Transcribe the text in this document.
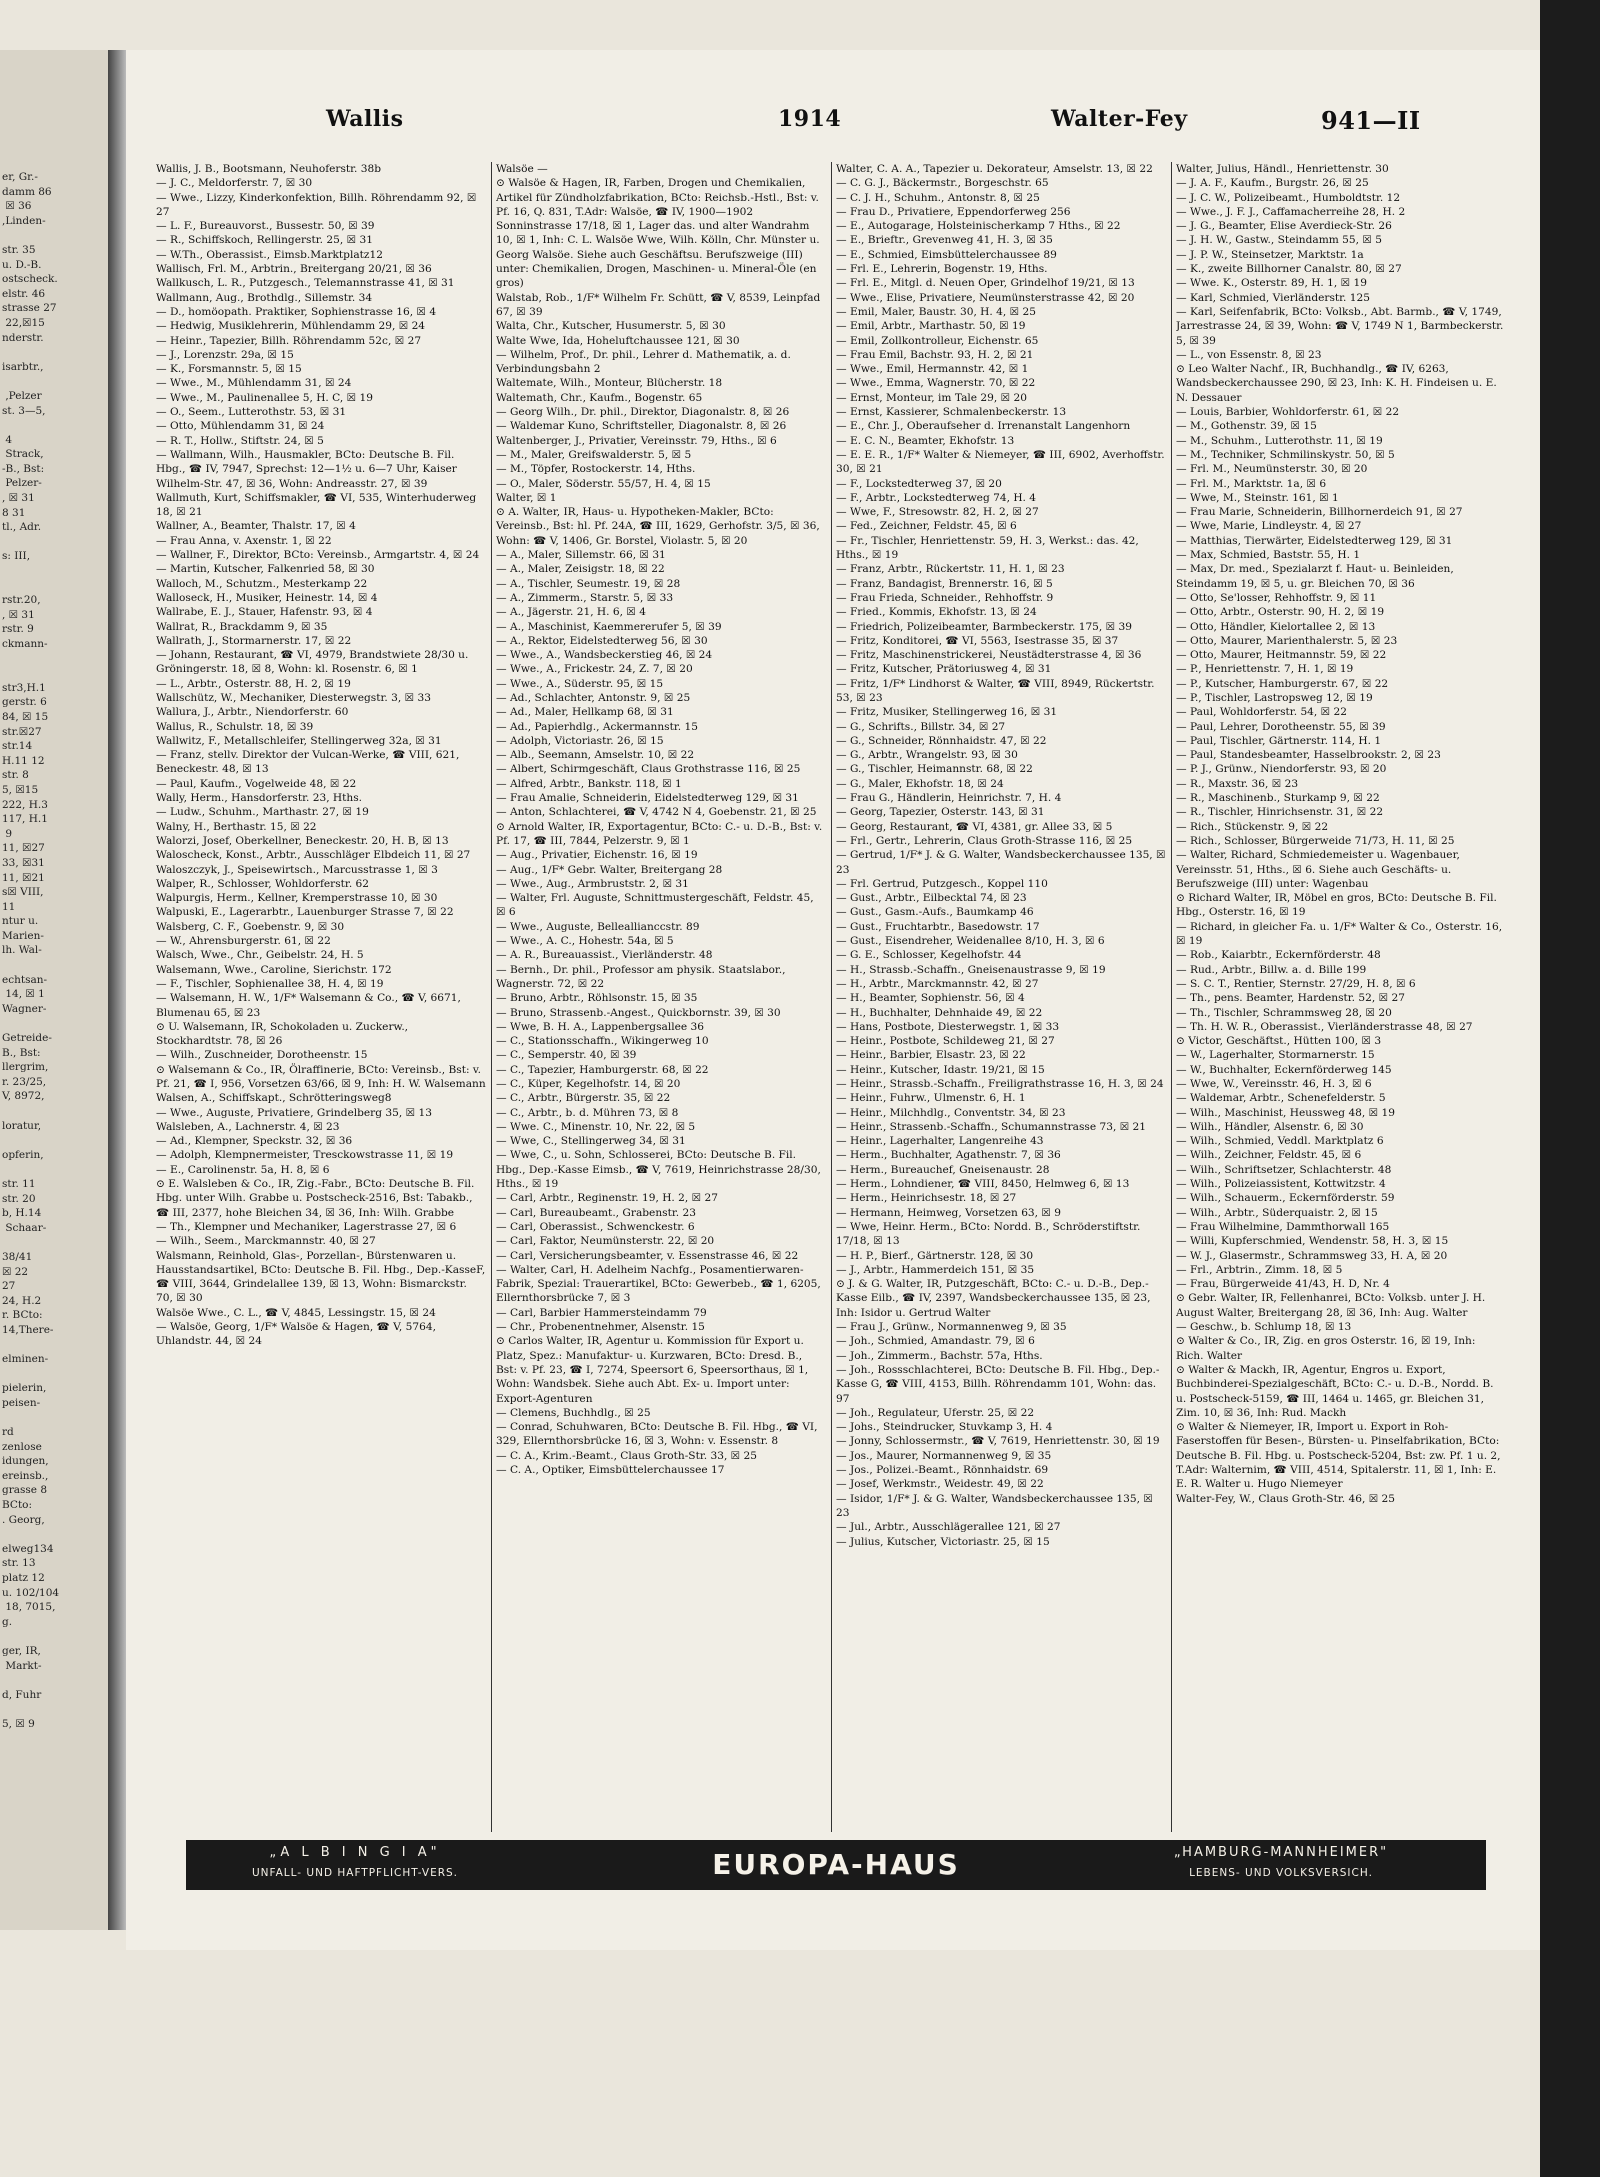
er, Gr.-
damm 86
☒ 36
,Linden-

str. 35
u. D.-B.
ostscheck.
elstr. 46
strasse 27
22,☒15
nderstr.

isarbtr.,

,Pelzer
st. 3—5,

4
Strack,
-B., Bst:
Pelzer-
, ☒ 31
8 31
tl., Adr.

s: III,

rstr.20,
, ☒ 31
rstr. 9
ckmann-

str3,H.1
gerstr. 6
84, ☒ 15
str.☒27
str.14
H.11 12
str. 8
5, ☒15
222, H.3
117, H.1
9
11, ☒27
33, ☒31
11, ☒21
s☒ VIII,
11
ntur u.
Marien-
lh. Wal-

echtsan-
14, ☒ 1
Wagner-

Getreide-
B., Bst:
llergrim,
r. 23/25,
V, 8972,

loratur,

opferin,

str. 11
str. 20
b, H.14
Schaar-

38/41
☒ 22
27
24, H.2
r. BCto:
14,There-

elminen-

pielerin,
peisen-

rd
zenlose
idungen,
ereinsb.,
grasse 8
BCto:
. Georg,

elweg134
str. 13
platz 12
u. 102/104
18, 7015,
g.

ger, IR,
Markt-

d, Fuhr

5, ☒ 9
Wallis	1914	Walter-Fey	941—II

Wallis, J. B., Bootsmann, Neuhoferstr. 38b

— J. C., Meldorferstr. 7, ☒ 30

— Wwe., Lizzy, Kinderkonfektion, Billh. Röhrendamm 92, ☒ 27

— L. F., Bureauvorst., Bussestr. 50, ☒ 39

— R., Schiffskoch, Rellingerstr. 25, ☒ 31

— W.Th., Oberassist., Eimsb.Marktplatz12

Wallisch, Frl. M., Arbtrin., Breitergang 20/21, ☒ 36

Wallkusch, L. R., Putzgesch., Telemannstrasse 41, ☒ 31

Wallmann, Aug., Brothdlg., Sillemstr. 34

— D., homöopath. Praktiker, Sophienstrasse 16, ☒ 4

— Hedwig, Musiklehrerin, Mühlendamm 29, ☒ 24

— Heinr., Tapezier, Billh. Röhrendamm 52c, ☒ 27

— J., Lorenzstr. 29a, ☒ 15

— K., Forsmannstr. 5, ☒ 15

— Wwe., M., Mühlendamm 31, ☒ 24

— Wwe., M., Paulinenallee 5, H. C, ☒ 19

— O., Seem., Lutterothstr. 53, ☒ 31

— Otto, Mühlendamm 31, ☒ 24

— R. T., Hollw., Stiftstr. 24, ☒ 5

— Wallmann, Wilh., Hausmakler, BCto: Deutsche B. Fil. Hbg., ☎ IV, 7947, Sprechst: 12—1½ u. 6—7 Uhr, Kaiser Wilhelm-Str. 47, ☒ 36, Wohn: Andreasstr. 27, ☒ 39

Wallmuth, Kurt, Schiffsmakler, ☎ VI, 535, Winterhuderweg 18, ☒ 21

Wallner, A., Beamter, Thalstr. 17, ☒ 4

— Frau Anna, v. Axenstr. 1, ☒ 22

— Wallner, F., Direktor, BCto: Vereinsb., Armgartstr. 4, ☒ 24

— Martin, Kutscher, Falkenried 58, ☒ 30

Walloch, M., Schutzm., Mesterkamp 22

Walloseck, H., Musiker, Heinestr. 14, ☒ 4

Wallrabe, E. J., Stauer, Hafenstr. 93, ☒ 4

Wallrat, R., Brackdamm 9, ☒ 35

Wallrath, J., Stormarnerstr. 17, ☒ 22

— Johann, Restaurant, ☎ VI, 4979, Brandstwiete 28/30 u. Gröningerstr. 18, ☒ 8, Wohn: kl. Rosenstr. 6, ☒ 1

— L., Arbtr., Osterstr. 88, H. 2, ☒ 19

Wallschütz, W., Mechaniker, Diesterwegstr. 3, ☒ 33

Wallura, J., Arbtr., Niendorferstr. 60

Wallus, R., Schulstr. 18, ☒ 39

Wallwitz, F., Metallschleifer, Stellingerweg 32a, ☒ 31

— Franz, stellv. Direktor der Vulcan-Werke, ☎ VIII, 621, Beneckestr. 48, ☒ 13

— Paul, Kaufm., Vogelweide 48, ☒ 22

Wally, Herm., Hansdorferstr. 23, Hths.

— Ludw., Schuhm., Marthastr. 27, ☒ 19

Walny, H., Berthastr. 15, ☒ 22

Walorzi, Josef, Oberkellner, Beneckestr. 20, H. B, ☒ 13

Waloscheck, Konst., Arbtr., Ausschläger Elbdeich 11, ☒ 27

Waloszczyk, J., Speisewirtsch., Marcusstrasse 1, ☒ 3

Walper, R., Schlosser, Wohldorferstr. 62

Walpurgis, Herm., Kellner, Kremperstrasse 10, ☒ 30

Walpuski, E., Lagerarbtr., Lauenburger Strasse 7, ☒ 22

Walsberg, C. F., Goebenstr. 9, ☒ 30

— W., Ahrensburgerstr. 61, ☒ 22

Walsch, Wwe., Chr., Geibelstr. 24, H. 5

Walsemann, Wwe., Caroline, Sierichstr. 172

— F., Tischler, Sophienallee 38, H. 4, ☒ 19

— Walsemann, H. W., 1/F* Walsemann & Co., ☎ V, 6671, Blumenau 65, ☒ 23

⊙ U. Walsemann, IR, Schokoladen u. Zuckerw., Stockhardtstr. 78, ☒ 26

— Wilh., Zuschneider, Dorotheenstr. 15

⊙ Walsemann & Co., IR, Ölraffinerie, BCto: Vereinsb., Bst: v. Pf. 21, ☎ I, 956, Vorsetzen 63/66, ☒ 9, Inh: H. W. Walsemann

Walsen, A., Schiffskapt., Schrötteringsweg8

— Wwe., Auguste, Privatiere, Grindelberg 35, ☒ 13

Walsleben, A., Lachnerstr. 4, ☒ 23

— Ad., Klempner, Speckstr. 32, ☒ 36

— Adolph, Klempnermeister, Tresckowstrasse 11, ☒ 19

— E., Carolinenstr. 5a, H. 8, ☒ 6

⊙ E. Walsleben & Co., IR, Zig.-Fabr., BCto: Deutsche B. Fil. Hbg. unter Wilh. Grabbe u. Postscheck-2516, Bst: Tabakb., ☎ III, 2377, hohe Bleichen 34, ☒ 36, Inh: Wilh. Grabbe

— Th., Klempner und Mechaniker, Lagerstrasse 27, ☒ 6

— Wilh., Seem., Marckmannstr. 40, ☒ 27

Walsmann, Reinhold, Glas-, Porzellan-, Bürstenwaren u. Hausstandsartikel, BCto: Deutsche B. Fil. Hbg., Dep.-KasseF, ☎ VIII, 3644, Grindelallee 139, ☒ 13, Wohn: Bismarckstr. 70, ☒ 30

Walsöe Wwe., C. L., ☎ V, 4845, Lessingstr. 15, ☒ 24

— Walsöe, Georg, 1/F* Walsöe & Hagen, ☎ V, 5764, Uhlandstr. 44, ☒ 24

Walsöe —

⊙ Walsöe & Hagen, IR, Farben, Drogen und Chemikalien, Artikel für Zündholzfabrikation, BCto: Reichsb.-Hstl., Bst: v. Pf. 16, Q. 831, T.Adr: Walsöe, ☎ IV, 1900—1902 Sonninstrasse 17/18, ☒ 1, Lager das. und alter Wandrahm 10, ☒ 1, Inh: C. L. Walsöe Wwe, Wilh. Kölln, Chr. Münster u. Georg Walsöe. Siehe auch Geschäftsu. Berufszweige (III) unter: Chemikalien, Drogen, Maschinen- u. Mineral-Öle (en gros)

Walstab, Rob., 1/F* Wilhelm Fr. Schütt, ☎ V, 8539, Leinpfad 67, ☒ 39

Walta, Chr., Kutscher, Husumerstr. 5, ☒ 30

Walte Wwe, Ida, Hoheluftchaussee 121, ☒ 30

— Wilhelm, Prof., Dr. phil., Lehrer d. Mathematik, a. d. Verbindungsbahn 2

Waltemate, Wilh., Monteur, Blücherstr. 18

Waltemath, Chr., Kaufm., Bogenstr. 65

— Georg Wilh., Dr. phil., Direktor, Diagonalstr. 8, ☒ 26

— Waldemar Kuno, Schriftsteller, Diagonalstr. 8, ☒ 26

Waltenberger, J., Privatier, Vereinsstr. 79, Hths., ☒ 6

— M., Maler, Greifswalderstr. 5, ☒ 5

— M., Töpfer, Rostockerstr. 14, Hths.

— O., Maler, Söderstr. 55/57, H. 4, ☒ 15

Walter, ☒ 1

⊙ A. Walter, IR, Haus- u. Hypotheken-Makler, BCto: Vereinsb., Bst: hl. Pf. 24A, ☎ III, 1629, Gerhofstr. 3/5, ☒ 36, Wohn: ☎ V, 1406, Gr. Borstel, Violastr. 5, ☒ 20

— A., Maler, Sillemstr. 66, ☒ 31

— A., Maler, Zeisigstr. 18, ☒ 22

— A., Tischler, Seumestr. 19, ☒ 28

— A., Zimmerm., Starstr. 5, ☒ 33

— A., Jägerstr. 21, H. 6, ☒ 4

— A., Maschinist, Kaemmererufer 5, ☒ 39

— A., Rektor, Eidelstedterweg 56, ☒ 30

— Wwe., A., Wandsbeckerstieg 46, ☒ 24

— Wwe., A., Frickestr. 24, Z. 7, ☒ 20

— Wwe., A., Süderstr. 95, ☒ 15

— Ad., Schlachter, Antonstr. 9, ☒ 25

— Ad., Maler, Hellkamp 68, ☒ 31

— Ad., Papierhdlg., Ackermannstr. 15

— Adolph, Victoriastr. 26, ☒ 15

— Alb., Seemann, Amselstr. 10, ☒ 22

— Albert, Schirmgeschäft, Claus Grothstrasse 116, ☒ 25

— Alfred, Arbtr., Bankstr. 118, ☒ 1

— Frau Amalie, Schneiderin, Eidelstedterweg 129, ☒ 31

— Anton, Schlachterei, ☎ V, 4742 N 4, Goebenstr. 21, ☒ 25

⊙ Arnold Walter, IR, Exportagentur, BCto: C.- u. D.-B., Bst: v. Pf. 17, ☎ III, 7844, Pelzerstr. 9, ☒ 1

— Aug., Privatier, Eichenstr. 16, ☒ 19

— Aug., 1/F* Gebr. Walter, Breitergang 28

— Wwe., Aug., Armbruststr. 2, ☒ 31

— Walter, Frl. Auguste, Schnittmustergeschäft, Feldstr. 45, ☒ 6

— Wwe., Auguste, Belleallianccstr. 89

— Wwe., A. C., Hohestr. 54a, ☒ 5

— A. R., Bureauassist., Vierländerstr. 48

— Bernh., Dr. phil., Professor am physik. Staatslabor., Wagnerstr. 72, ☒ 22

— Bruno, Arbtr., Röhlsonstr. 15, ☒ 35

— Bruno, Strassenb.-Angest., Quickbornstr. 39, ☒ 30

— Wwe, B. H. A., Lappenbergsallee 36

— C., Stationsschaffn., Wikingerweg 10

— C., Semperstr. 40, ☒ 39

— C., Tapezier, Hamburgerstr. 68, ☒ 22

— C., Küper, Kegelhofstr. 14, ☒ 20

— C., Arbtr., Bürgerstr. 35, ☒ 22

— C., Arbtr., b. d. Mühren 73, ☒ 8

— Wwe. C., Minenstr. 10, Nr. 22, ☒ 5

— Wwe, C., Stellingerweg 34, ☒ 31

— Wwe, C., u. Sohn, Schlosserei, BCto: Deutsche B. Fil. Hbg., Dep.-Kasse Eimsb., ☎ V, 7619, Heinrichstrasse 28/30, Hths., ☒ 19

— Carl, Arbtr., Reginenstr. 19, H. 2, ☒ 27

— Carl, Bureaubeamt., Grabenstr. 23

— Carl, Oberassist., Schwenckestr. 6

— Carl, Faktor, Neumünsterstr. 22, ☒ 20

— Carl, Versicherungsbeamter, v. Essenstrasse 46, ☒ 22

— Walter, Carl, H. Adelheim Nachfg., Posamentierwaren-Fabrik, Spezial: Trauerartikel, BCto: Gewerbeb., ☎ 1, 6205, Ellernthorsbrücke 7, ☒ 3

— Carl, Barbier Hammersteindamm 79

— Chr., Probenentnehmer, Alsenstr. 15

⊙ Carlos Walter, IR, Agentur u. Kommission für Export u. Platz, Spez.: Manufaktur- u. Kurzwaren, BCto: Dresd. B., Bst: v. Pf. 23, ☎ I, 7274, Speersort 6, Speersorthaus, ☒ 1, Wohn: Wandsbek. Siehe auch Abt. Ex- u. Import unter: Export-Agenturen

— Clemens, Buchhdlg., ☒ 25

— Conrad, Schuhwaren, BCto: Deutsche B. Fil. Hbg., ☎ VI, 329, Ellernthorsbrücke 16, ☒ 3, Wohn: v. Essenstr. 8

— C. A., Krim.-Beamt., Claus Groth-Str. 33, ☒ 25

— C. A., Optiker, Eimsbüttelerchaussee 17

Walter, C. A. A., Tapezier u. Dekorateur, Amselstr. 13, ☒ 22

— C. G. J., Bäckermstr., Borgeschstr. 65

— C. J. H., Schuhm., Antonstr. 8, ☒ 25

— Frau D., Privatiere, Eppendorferweg 256

— E., Autogarage, Holsteinischerkamp 7 Hths., ☒ 22

— E., Brieftr., Grevenweg 41, H. 3, ☒ 35

— E., Schmied, Eimsbüttelerchaussee 89

— Frl. E., Lehrerin, Bogenstr. 19, Hths.

— Frl. E., Mitgl. d. Neuen Oper, Grindelhof 19/21, ☒ 13

— Wwe., Elise, Privatiere, Neumünsterstrasse 42, ☒ 20

— Emil, Maler, Baustr. 30, H. 4, ☒ 25

— Emil, Arbtr., Marthastr. 50, ☒ 19

— Emil, Zollkontrolleur, Eichenstr. 65

— Frau Emil, Bachstr. 93, H. 2, ☒ 21

— Wwe., Emil, Hermannstr. 42, ☒ 1

— Wwe., Emma, Wagnerstr. 70, ☒ 22

— Ernst, Monteur, im Tale 29, ☒ 20

— Ernst, Kassierer, Schmalenbeckerstr. 13

— E., Chr. J., Oberaufseher d. Irrenanstalt Langenhorn

— E. C. N., Beamter, Ekhofstr. 13

— E. E. R., 1/F* Walter & Niemeyer, ☎ III, 6902, Averhoffstr. 30, ☒ 21

— F., Lockstedterweg 37, ☒ 20

— F., Arbtr., Lockstedterweg 74, H. 4

— Wwe, F., Stresowstr. 82, H. 2, ☒ 27

— Fed., Zeichner, Feldstr. 45, ☒ 6

— Fr., Tischler, Henriettenstr. 59, H. 3, Werkst.: das. 42, Hths., ☒ 19

— Franz, Arbtr., Rückertstr. 11, H. 1, ☒ 23

— Franz, Bandagist, Brennerstr. 16, ☒ 5

— Frau Frieda, Schneider., Rehhoffstr. 9

— Fried., Kommis, Ekhofstr. 13, ☒ 24

— Friedrich, Polizeibeamter, Barmbeckerstr. 175, ☒ 39

— Fritz, Konditorei, ☎ VI, 5563, Isestrasse 35, ☒ 37

— Fritz, Maschinenstrickerei, Neustädterstrasse 4, ☒ 36

— Fritz, Kutscher, Prätoriusweg 4, ☒ 31

— Fritz, 1/F* Lindhorst & Walter, ☎ VIII, 8949, Rückertstr. 53, ☒ 23

— Fritz, Musiker, Stellingerweg 16, ☒ 31

— G., Schrifts., Billstr. 34, ☒ 27

— G., Schneider, Rönnhaidstr. 47, ☒ 22

— G., Arbtr., Wrangelstr. 93, ☒ 30

— G., Tischler, Heimannstr. 68, ☒ 22

— G., Maler, Ekhofstr. 18, ☒ 24

— Frau G., Händlerin, Heinrichstr. 7, H. 4

— Georg, Tapezier, Osterstr. 143, ☒ 31

— Georg, Restaurant, ☎ VI, 4381, gr. Allee 33, ☒ 5

— Frl., Gertr., Lehrerin, Claus Groth-Strasse 116, ☒ 25

— Gertrud, 1/F* J. & G. Walter, Wandsbeckerchaussee 135, ☒ 23

— Frl. Gertrud, Putzgesch., Koppel 110

— Gust., Arbtr., Eilbecktal 74, ☒ 23

— Gust., Gasm.-Aufs., Baumkamp 46

— Gust., Fruchtarbtr., Basedowstr. 17

— Gust., Eisendreher, Weidenallee 8/10, H. 3, ☒ 6

— G. E., Schlosser, Kegelhofstr. 44

— H., Strassb.-Schaffn., Gneisenaustrasse 9, ☒ 19

— H., Arbtr., Marckmannstr. 42, ☒ 27

— H., Beamter, Sophienstr. 56, ☒ 4

— H., Buchhalter, Dehnhaide 49, ☒ 22

— Hans, Postbote, Diesterwegstr. 1, ☒ 33

— Heinr., Postbote, Schildeweg 21, ☒ 27

— Heinr., Barbier, Elsastr. 23, ☒ 22

— Heinr., Kutscher, Idastr. 19/21, ☒ 15

— Heinr., Strassb.-Schaffn., Freiligrathstrasse 16, H. 3, ☒ 24

— Heinr., Fuhrw., Ulmenstr. 6, H. 1

— Heinr., Milchhdlg., Conventstr. 34, ☒ 23

— Heinr., Strassenb.-Schaffn., Schumannstrasse 73, ☒ 21

— Heinr., Lagerhalter, Langenreihe 43

— Herm., Buchhalter, Agathenstr. 7, ☒ 36

— Herm., Bureauchef, Gneisenaustr. 28

— Herm., Lohndiener, ☎ VIII, 8450, Helmweg 6, ☒ 13

— Herm., Heinrichsestr. 18, ☒ 27

— Hermann, Heimweg, Vorsetzen 63, ☒ 9

— Wwe, Heinr. Herm., BCto: Nordd. B., Schröderstiftstr. 17/18, ☒ 13

— H. P., Bierf., Gärtnerstr. 128, ☒ 30

— J., Arbtr., Hammerdeich 151, ☒ 35

⊙ J. & G. Walter, IR, Putzgeschäft, BCto: C.- u. D.-B., Dep.-Kasse Eilb., ☎ IV, 2397, Wandsbeckerchaussee 135, ☒ 23, Inh: Isidor u. Gertrud Walter

— Frau J., Grünw., Normannenweg 9, ☒ 35

— Joh., Schmied, Amandastr. 79, ☒ 6

— Joh., Zimmerm., Bachstr. 57a, Hths.

— Joh., Rossschlachterei, BCto: Deutsche B. Fil. Hbg., Dep.-Kasse G, ☎ VIII, 4153, Billh. Röhrendamm 101, Wohn: das. 97

— Joh., Regulateur, Uferstr. 25, ☒ 22

— Johs., Steindrucker, Stuvkamp 3, H. 4

— Jonny, Schlossermstr., ☎ V, 7619, Henriettenstr. 30, ☒ 19

— Jos., Maurer, Normannenweg 9, ☒ 35

— Jos., Polizei.-Beamt., Rönnhaidstr. 69

— Josef, Werkmstr., Weidestr. 49, ☒ 22

— Isidor, 1/F* J. & G. Walter, Wandsbeckerchaussee 135, ☒ 23

— Jul., Arbtr., Ausschlägerallee 121, ☒ 27

— Julius, Kutscher, Victoriastr. 25, ☒ 15

Walter, Julius, Händl., Henriettenstr. 30

— J. A. F., Kaufm., Burgstr. 26, ☒ 25

— J. C. W., Polizeibeamt., Humboldtstr. 12

— Wwe., J. F. J., Caffamacherreihe 28, H. 2

— J. G., Beamter, Elise Averdieck-Str. 26

— J. H. W., Gastw., Steindamm 55, ☒ 5

— J. P. W., Steinsetzer, Marktstr. 1a

— K., zweite Billhorner Canalstr. 80, ☒ 27

— Wwe. K., Osterstr. 89, H. 1, ☒ 19

— Karl, Schmied, Vierländerstr. 125

— Karl, Seifenfabrik, BCto: Volksb., Abt. Barmb., ☎ V, 1749, Jarrestrasse 24, ☒ 39, Wohn: ☎ V, 1749 N 1, Barmbeckerstr. 5, ☒ 39

— L., von Essenstr. 8, ☒ 23

⊙ Leo Walter Nachf., IR, Buchhandlg., ☎ IV, 6263, Wandsbeckerchaussee 290, ☒ 23, Inh: K. H. Findeisen u. E. N. Dessauer

— Louis, Barbier, Wohldorferstr. 61, ☒ 22

— M., Gothenstr. 39, ☒ 15

— M., Schuhm., Lutterothstr. 11, ☒ 19

— M., Techniker, Schmilinskystr. 50, ☒ 5

— Frl. M., Neumünsterstr. 30, ☒ 20

— Frl. M., Marktstr. 1a, ☒ 6

— Wwe, M., Steinstr. 161, ☒ 1

— Frau Marie, Schneiderin, Billhornerdeich 91, ☒ 27

— Wwe, Marie, Lindleystr. 4, ☒ 27

— Matthias, Tierwärter, Eidelstedterweg 129, ☒ 31

— Max, Schmied, Baststr. 55, H. 1

— Max, Dr. med., Spezialarzt f. Haut- u. Beinleiden, Steindamm 19, ☒ 5, u. gr. Bleichen 70, ☒ 36

— Otto, Se'losser, Rehhoffstr. 9, ☒ 11

— Otto, Arbtr., Osterstr. 90, H. 2, ☒ 19

— Otto, Händler, Kielortallee 2, ☒ 13

— Otto, Maurer, Marienthalerstr. 5, ☒ 23

— Otto, Maurer, Heitmannstr. 59, ☒ 22

— P., Henriettenstr. 7, H. 1, ☒ 19

— P., Kutscher, Hamburgerstr. 67, ☒ 22

— P., Tischler, Lastropsweg 12, ☒ 19

— Paul, Wohldorferstr. 54, ☒ 22

— Paul, Lehrer, Dorotheenstr. 55, ☒ 39

— Paul, Tischler, Gärtnerstr. 114, H. 1

— Paul, Standesbeamter, Hasselbrookstr. 2, ☒ 23

— P. J., Grünw., Niendorferstr. 93, ☒ 20

— R., Maxstr. 36, ☒ 23

— R., Maschinenb., Sturkamp 9, ☒ 22

— R., Tischler, Hinrichsenstr. 31, ☒ 22

— Rich., Stückenstr. 9, ☒ 22

— Rich., Schlosser, Bürgerweide 71/73, H. 11, ☒ 25

— Walter, Richard, Schmiedemeister u. Wagenbauer, Vereinsstr. 51, Hths., ☒ 6. Siehe auch Geschäfts- u. Berufszweige (III) unter: Wagenbau

⊙ Richard Walter, IR, Möbel en gros, BCto: Deutsche B. Fil. Hbg., Osterstr. 16, ☒ 19

— Richard, in gleicher Fa. u. 1/F* Walter & Co., Osterstr. 16, ☒ 19

— Rob., Kaiarbtr., Eckernförderstr. 48

— Rud., Arbtr., Billw. a. d. Bille 199

— S. C. T., Rentier, Sternstr. 27/29, H. 8, ☒ 6

— Th., pens. Beamter, Hardenstr. 52, ☒ 27

— Th., Tischler, Schrammsweg 28, ☒ 20

— Th. H. W. R., Oberassist., Vierländerstrasse 48, ☒ 27

⊙ Victor, Geschäftst., Hütten 100, ☒ 3

— W., Lagerhalter, Stormarnerstr. 15

— W., Buchhalter, Eckernförderweg 145

— Wwe, W., Vereinsstr. 46, H. 3, ☒ 6

— Waldemar, Arbtr., Schenefelderstr. 5

— Wilh., Maschinist, Heussweg 48, ☒ 19

— Wilh., Händler, Alsenstr. 6, ☒ 30

— Wilh., Schmied, Veddl. Marktplatz 6

— Wilh., Zeichner, Feldstr. 45, ☒ 6

— Wilh., Schriftsetzer, Schlachterstr. 48

— Wilh., Polizeiassistent, Kottwitzstr. 4

— Wilh., Schauerm., Eckernförderstr. 59

— Wilh., Arbtr., Süderquaistr. 2, ☒ 15

— Frau Wilhelmine, Dammthorwall 165

— Willi, Kupferschmied, Wendenstr. 58, H. 3, ☒ 15

— W. J., Glasermstr., Schrammsweg 33, H. A, ☒ 20

— Frl., Arbtrin., Zimm. 18, ☒ 5

— Frau, Bürgerweide 41/43, H. D, Nr. 4

⊙ Gebr. Walter, IR, Fellenhanrei, BCto: Volksb. unter J. H. August Walter, Breitergang 28, ☒ 36, Inh: Aug. Walter

— Geschw., b. Schlump 18, ☒ 13

⊙ Walter & Co., IR, Zig. en gros Osterstr. 16, ☒ 19, Inh: Rich. Walter

⊙ Walter & Mackh, IR, Agentur, Engros u. Export, Buchbinderei-Spezialgeschäft, BCto: C.- u. D.-B., Nordd. B. u. Postscheck-5159, ☎ III, 1464 u. 1465, gr. Bleichen 31, Zim. 10, ☒ 36, Inh: Rud. Mackh

⊙ Walter & Niemeyer, IR, Import u. Export in Roh-Faserstoffen für Besen-, Bürsten- u. Pinselfabrikation, BCto: Deutsche B. Fil. Hbg. u. Postscheck-5204, Bst: zw. Pf. 1 u. 2, T.Adr: Walternim, ☎ VIII, 4514, Spitalerstr. 11, ☒ 1, Inh: E. E. R. Walter u. Hugo Niemeyer

Walter-Fey, W., Claus Groth-Str. 46, ☒ 25

„A L B I N G I A"
UNFALL- UND HAFTPFLICHT-VERS.	EUROPA-HAUS	„HAMBURG-MANNHEIMER"
LEBENS- UND VOLKSVERSICH.
